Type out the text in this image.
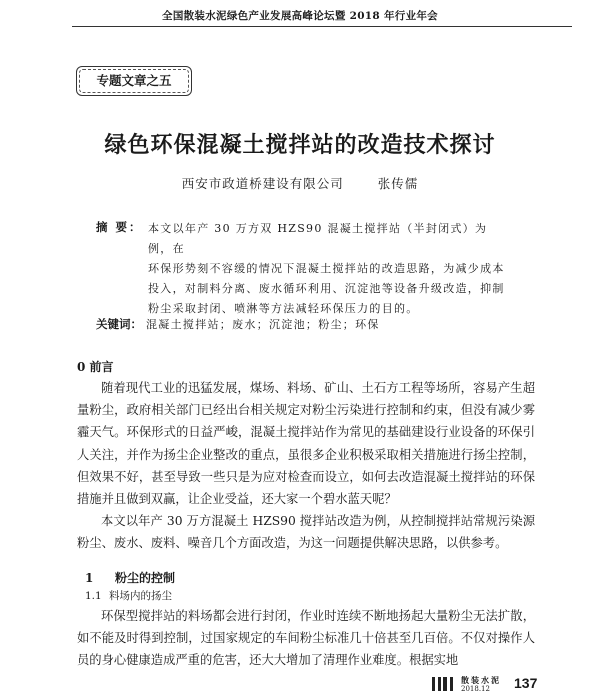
全国散装水泥绿色产业发展高峰论坛暨 2018 年行业年会
专题文章之五
绿色环保混凝土搅拌站的改造技术探讨
西安市政道桥建设有限公司	张传儒
摘 要： 本文以年产 30 万方双 HZS90 混凝土搅拌站（半封闭式）为例，在
环保形势刻不容缓的情况下混凝土搅拌站的改造思路，为减少成本
投入，对制料分离、废水循环利用、沉淀池等设备升级改造，抑制
粉尘采取封闭、喷淋等方法减轻环保压力的目的。
关键词： 混凝土搅拌站；废水；沉淀池；粉尘；环保
0 前言

随着现代工业的迅猛发展，煤场、料场、矿山、土石方工程等场所，容易产生超量粉尘，政府相关部门已经出台相关规定对粉尘污染进行控制和约束，但没有减少雾霾天气。环保形式的日益严峻，混凝土搅拌站作为常见的基础建设行业设备的环保引人关注，并作为扬尘企业整改的重点，虽很多企业积极采取相关措施进行扬尘控制，但效果不好，甚至导致一些只是为应对检查而设立，如何去改造混凝土搅拌站的环保措施并且做到双赢，让企业受益，还大家一个碧水蓝天呢？

本文以年产 30 万方混凝土 HZS90 搅拌站改造为例，从控制搅拌站常规污染源粉尘、废水、废料、噪音几个方面改造，为这一问题提供解决思路，以供参考。

1 粉尘的控制
1.1 料场内的扬尘

环保型搅拌站的料场都会进行封闭，作业时连续不断地扬起大量粉尘无法扩散，如不能及时得到控制，过国家规定的车间粉尘标准几十倍甚至几百倍。不仅对操作人员的身心健康造成严重的危害，还大大增加了清理作业难度。根据实地

散装水泥
2018.12 137
